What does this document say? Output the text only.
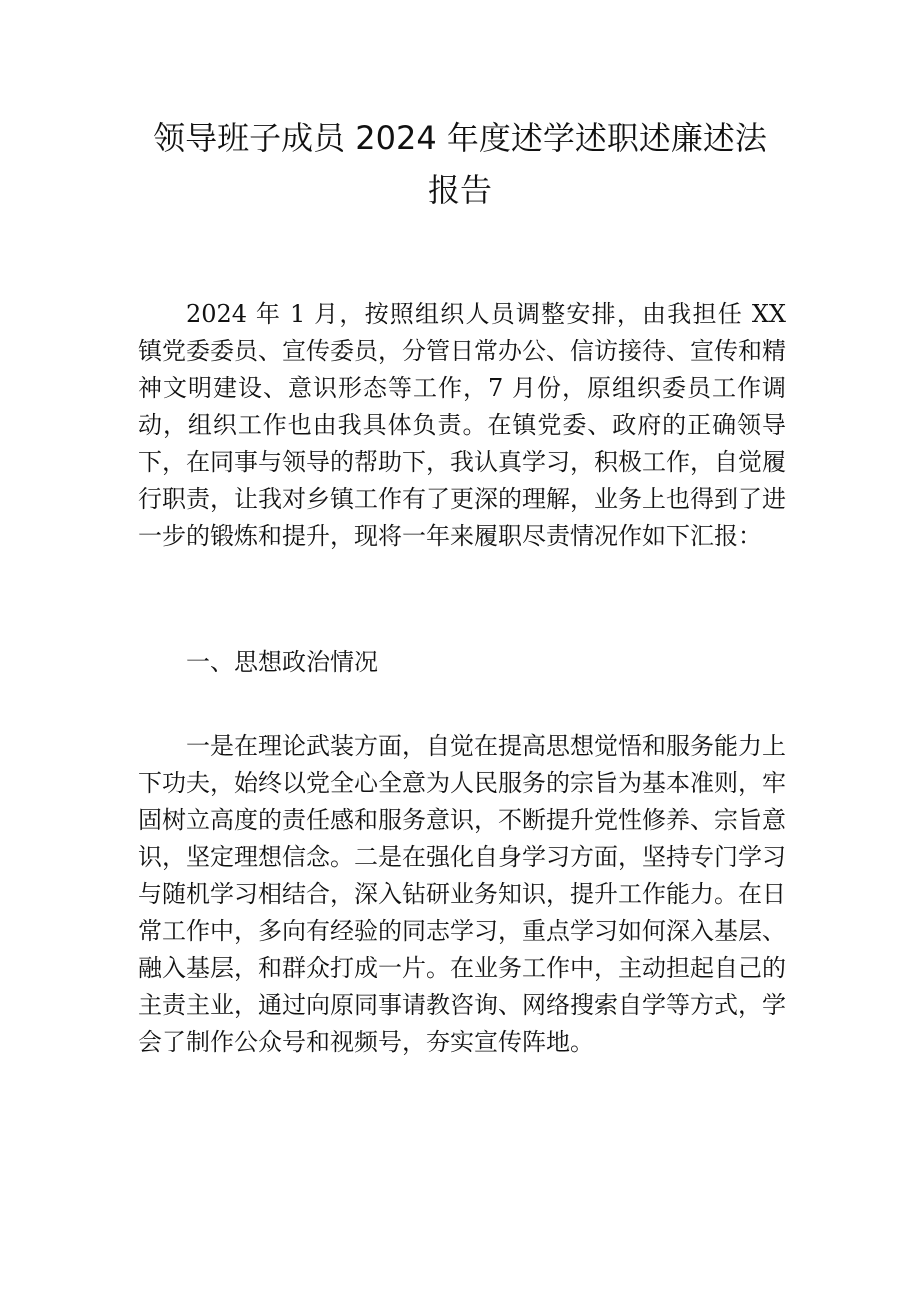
领导班子成员 2024 年度述学述职述廉述法
报告

2024 年 1 月，按照组织人员调整安排，由我担任 XX 镇党委委员、宣传委员，分管日常办公、信访接待、宣传和精神文明建设、意识形态等工作，7 月份，原组织委员工作调动，组织工作也由我具体负责。在镇党委、政府的正确领导下，在同事与领导的帮助下，我认真学习，积极工作，自觉履行职责，让我对乡镇工作有了更深的理解，业务上也得到了进一步的锻炼和提升，现将一年来履职尽责情况作如下汇报：

一、思想政治情况

一是在理论武装方面，自觉在提高思想觉悟和服务能力上下功夫，始终以党全心全意为人民服务的宗旨为基本准则，牢固树立高度的责任感和服务意识，不断提升党性修养、宗旨意识，坚定理想信念。二是在强化自身学习方面，坚持专门学习与随机学习相结合，深入钻研业务知识，提升工作能力。在日常工作中，多向有经验的同志学习，重点学习如何深入基层、融入基层，和群众打成一片。在业务工作中，主动担起自己的主责主业，通过向原同事请教咨询、网络搜索自学等方式，学会了制作公众号和视频号，夯实宣传阵地。
